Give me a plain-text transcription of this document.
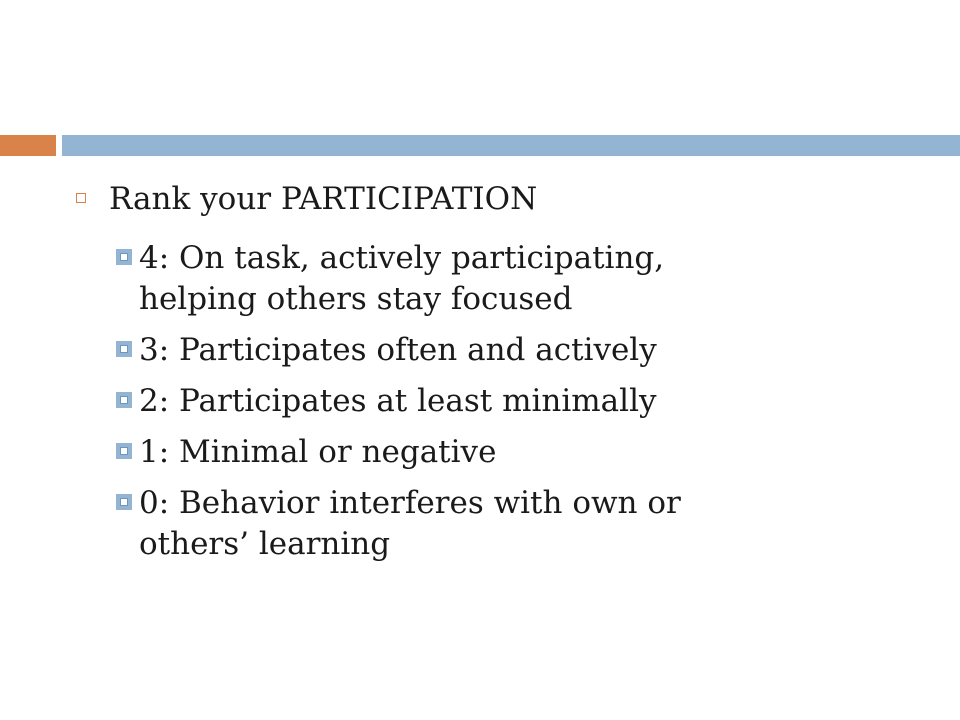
Rank your PARTICIPATION
4: On task, actively participating,
helping others stay focused
3: Participates often and actively
2: Participates at least minimally
1: Minimal or negative
0: Behavior interferes with own or
others’ learning
